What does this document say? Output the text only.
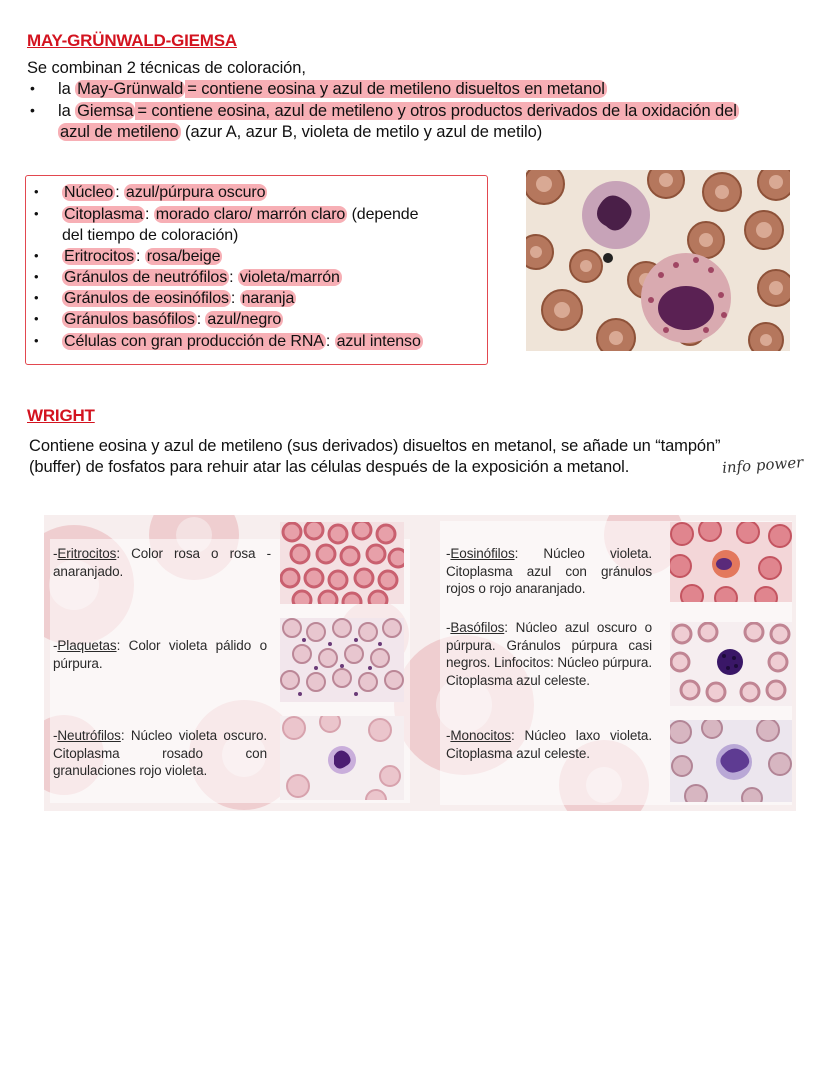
MAY-GRÜNWALD-GIEMSA
Se combinan 2 técnicas de coloración,
• la May-Grünwald = contiene eosina y azul de metileno disueltos en metanol
• la Giemsa = contiene eosina, azul de metileno y otros productos derivados de la oxidación del
azul de metileno (azur A, azur B, violeta de metilo y azul de metilo)
• Núcleo : azul/púrpura oscuro
• Citoplasma : morado claro/ marrón claro (depende
del tiempo de coloración)
• Eritrocitos : rosa/beige
• Gránulos de neutrófilos : violeta/marrón
• Gránulos de eosinófilos : naranja
• Gránulos basófilos : azul/negro
• Células con gran producción de RNA : azul intenso
WRIGHT
Contiene eosina y azul de metileno (sus derivados) disueltos en metanol, se añade un “tampón”
(buffer) de fosfatos para rehuir atar las células después de la exposición a metanol.	info power
-Eritrocitos: Color rosa o rosa - anaranjado.
-Plaquetas: Color violeta pálido o púrpura.
-Neutrófilos: Núcleo violeta oscuro. Citoplasma rosado con granulaciones rojo violeta.
-Eosinófilos: Núcleo violeta. Citoplasma azul con gránulos rojos o rojo anaranjado.
-Basófilos: Núcleo azul oscuro o púrpura. Gránulos púrpura casi negros. Linfocitos: Núcleo púrpura. Citoplasma azul celeste.
-Monocitos: Núcleo laxo violeta. Citoplasma azul celeste.
